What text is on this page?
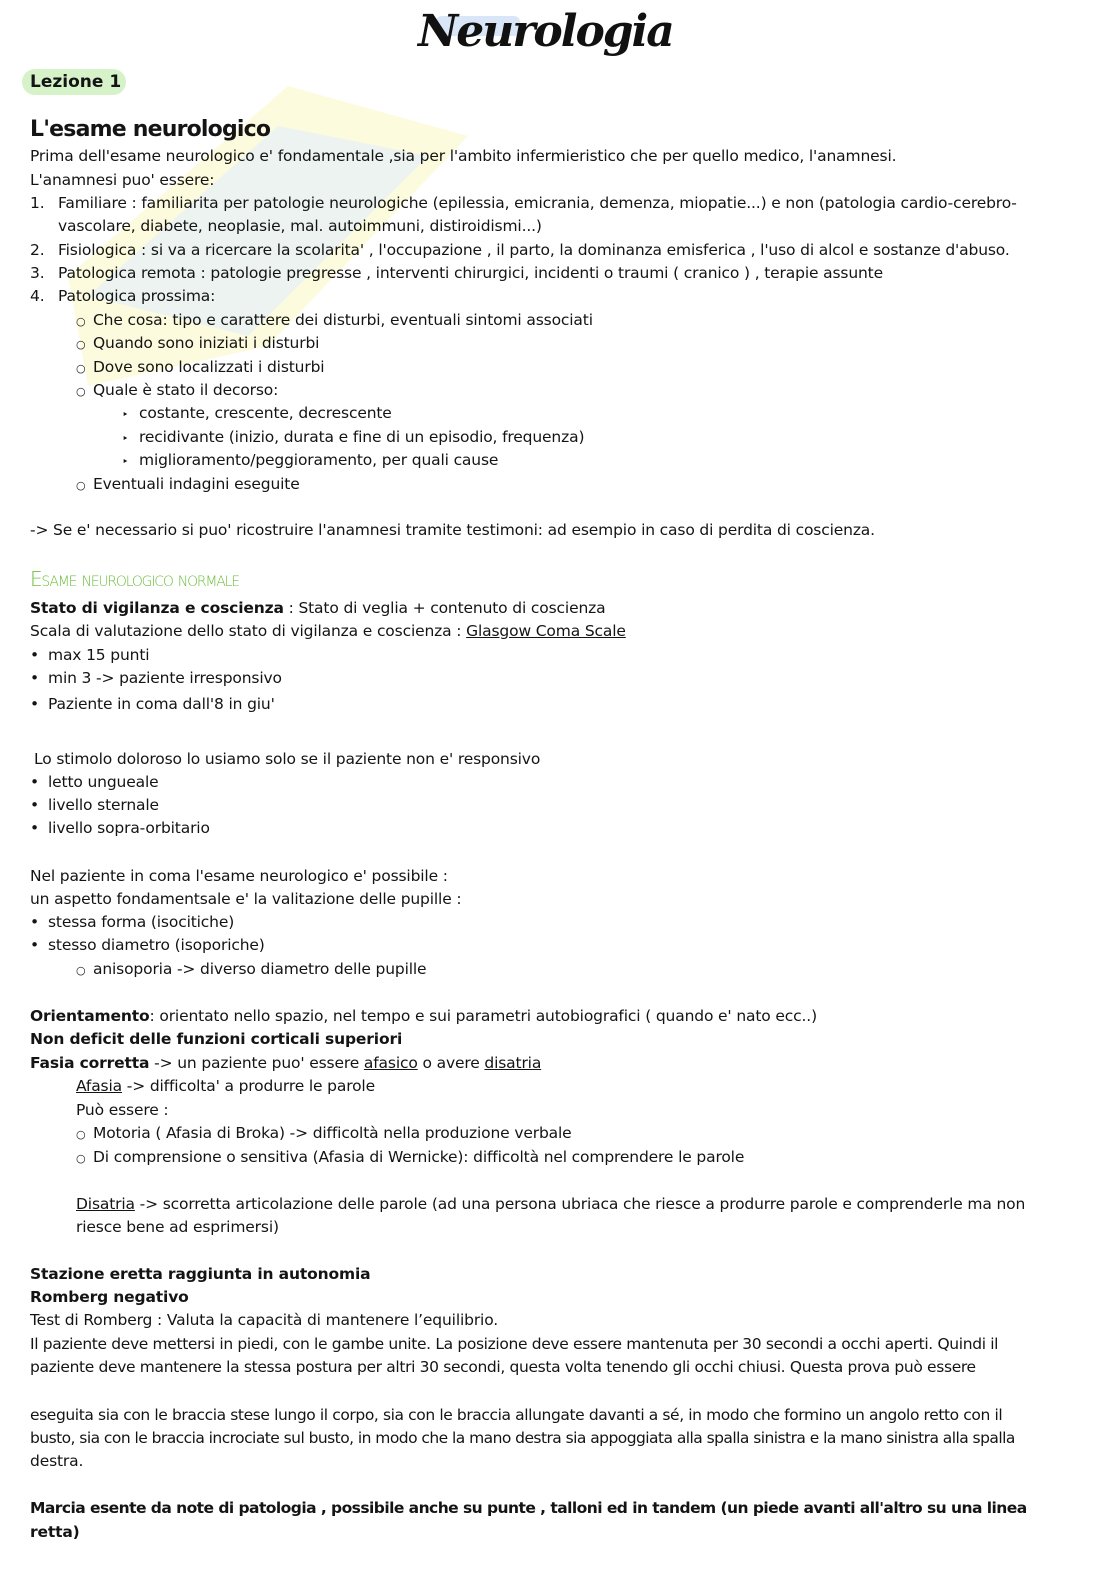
Neurologia
Lezione 1
L'esame neurologico
Prima dell'esame neurologico e' fondamentale ,sia per l'ambito infermieristico che per quello medico, l'anamnesi.
L'anamnesi puo' essere:
1. Familiare : familiarita per patologie neurologiche (epilessia, emicrania, demenza, miopatie...) e non (patologia cardio-cerebro-
vascolare, diabete, neoplasie, mal. autoimmuni, distiroidismi...)
2. Fisiologica : si va a ricercare la scolarita' , l'occupazione , il parto, la dominanza emisferica , l'uso di alcol e sostanze d'abuso.
3. Patologica remota : patologie pregresse , interventi chirurgici, incidenti o traumi ( cranico ) , terapie assunte
4. Patologica prossima:
○ Che cosa: tipo e carattere dei disturbi, eventuali sintomi associati
○ Quando sono iniziati i disturbi
○ Dove sono localizzati i disturbi
○ Quale è stato il decorso:
‣ costante, crescente, decrescente
‣ recidivante (inizio, durata e fine di un episodio, frequenza)
‣ miglioramento/peggioramento, per quali cause
○ Eventuali indagini eseguite
-> Se e' necessario si puo' ricostruire l'anamnesi tramite testimoni: ad esempio in caso di perdita di coscienza.
Esame neurologico normale
Stato di vigilanza e coscienza : Stato di veglia + contenuto di coscienza
Scala di valutazione dello stato di vigilanza e coscienza : Glasgow Coma Scale
• max 15 punti
• min 3 -> paziente irresponsivo
• Paziente in coma dall'8 in giu'
Lo stimolo doloroso lo usiamo solo se il paziente non e' responsivo
• letto ungueale
• livello sternale
• livello sopra-orbitario
Nel paziente in coma l'esame neurologico e' possibile :
un aspetto fondamentsale e' la valitazione delle pupille :
• stessa forma (isocitiche)
• stesso diametro (isoporiche)
○ anisoporia -> diverso diametro delle pupille
Orientamento: orientato nello spazio, nel tempo e sui parametri autobiografici ( quando e' nato ecc..)
Non deficit delle funzioni corticali superiori
Fasia corretta -> un paziente puo' essere afasico o avere disatria
Afasia -> difficolta' a produrre le parole
Può essere :
○ Motoria ( Afasia di Broka) -> difficoltà nella produzione verbale
○ Di comprensione o sensitiva (Afasia di Wernicke): difficoltà nel comprendere le parole
Disatria -> scorretta articolazione delle parole (ad una persona ubriaca che riesce a produrre parole e comprenderle ma non
riesce bene ad esprimersi)
Stazione eretta raggiunta in autonomia
Romberg negativo
Test di Romberg : Valuta la capacità di mantenere l’equilibrio.
Il paziente deve mettersi in piedi, con le gambe unite. La posizione deve essere mantenuta per 30 secondi a occhi aperti. Quindi il
paziente deve mantenere la stessa postura per altri 30 secondi, questa volta tenendo gli occhi chiusi. Questa prova può essere
eseguita sia con le braccia stese lungo il corpo, sia con le braccia allungate davanti a sé, in modo che formino un angolo retto con il
busto, sia con le braccia incrociate sul busto, in modo che la mano destra sia appoggiata alla spalla sinistra e la mano sinistra alla spalla
destra.
Marcia esente da note di patologia , possibile anche su punte , talloni ed in tandem (un piede avanti all'altro su una linea
retta)
